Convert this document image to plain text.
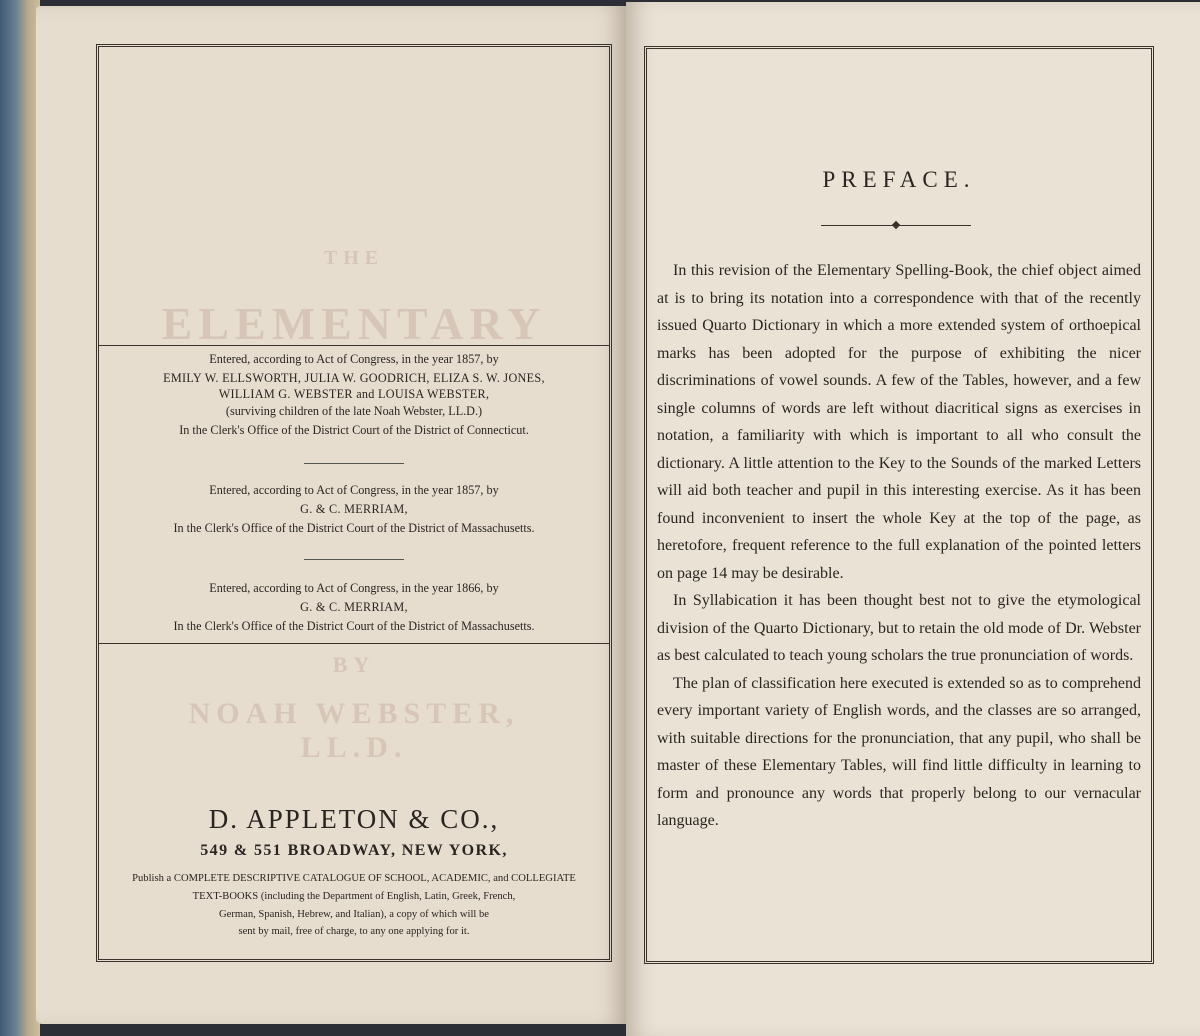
THE
ELEMENTARY
BY
NOAH WEBSTER, LL.D.
Entered, according to Act of Congress, in the year 1857, by
EMILY W. ELLSWORTH, JULIA W. GOODRICH, ELIZA S. W. JONES,
WILLIAM G. WEBSTER and LOUISA WEBSTER,
(surviving children of the late Noah Webster, LL.D.)
In the Clerk's Office of the District Court of the District of Connecticut.
Entered, according to Act of Congress, in the year 1857, by
G. & C. MERRIAM,
In the Clerk's Office of the District Court of the District of Massachusetts.
Entered, according to Act of Congress, in the year 1866, by
G. & C. MERRIAM,
In the Clerk's Office of the District Court of the District of Massachusetts.
D. APPLETON & CO.,
549 & 551 BROADWAY, NEW YORK,
Publish a COMPLETE DESCRIPTIVE CATALOGUE OF SCHOOL, ACADEMIC, and COLLEGIATE
TEXT-BOOKS (including the Department of English, Latin, Greek, French,
German, Spanish, Hebrew, and Italian), a copy of which will be
sent by mail, free of charge, to any one applying for it.
PREFACE.

In this revision of the Elementary Spelling-Book, the chief object aimed at is to bring its notation into a correspondence with that of the recently issued Quarto Dictionary in which a more extended system of orthoepical marks has been adopted for the purpose of exhibiting the nicer discriminations of vowel sounds. A few of the Tables, however, and a few single columns of words are left without diacritical signs as exercises in notation, a familiarity with which is important to all who consult the dictionary. A little attention to the Key to the Sounds of the marked Letters will aid both teacher and pupil in this interesting exercise. As it has been found inconvenient to insert the whole Key at the top of the page, as heretofore, frequent reference to the full explanation of the pointed letters on page 14 may be desirable.

In Syllabication it has been thought best not to give the etymological division of the Quarto Dictionary, but to retain the old mode of Dr. Webster as best calculated to teach young scholars the true pronunciation of words.

The plan of classification here executed is extended so as to comprehend every important variety of English words, and the classes are so arranged, with suitable directions for the pronunciation, that any pupil, who shall be master of these Elementary Tables, will find little difficulty in learning to form and pronounce any words that properly belong to our vernacular language.
